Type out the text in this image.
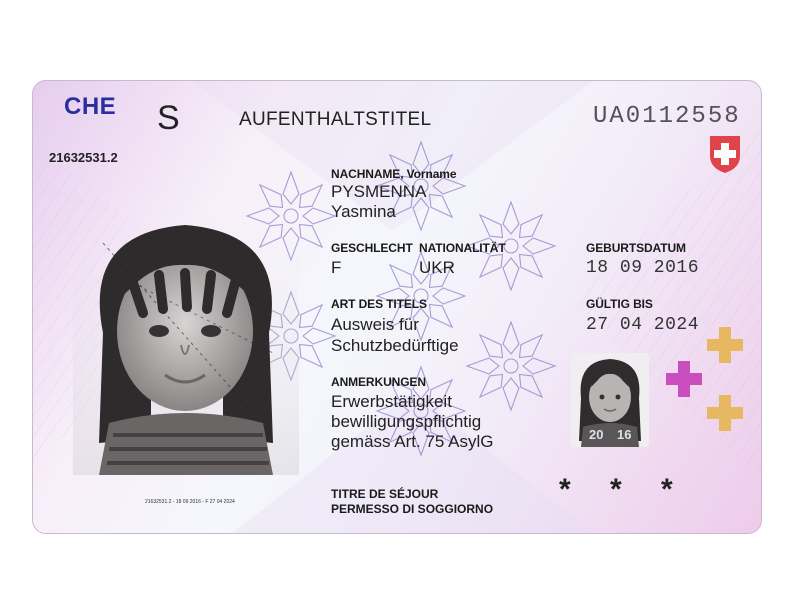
CHE S	AUFENTHALTSTITEL	UA0112558
21632531.2
21632531.2 - 18 09 2016 - F 27 04 2024
NACHNAME, Vorname
PYSMENNA
Yasmina
GESCHLECHT
F
NATIONALITÄT
UKR
GEBURTSDATUM
18 09 2016
ART DES TITELS
Ausweis für
Schutzbedürftige
GÜLTIG BIS
27 04 2024
ANMERKUNGEN
Erwerbstätigkeit
bewilligungspflichtig
gemäss Art. 75 AsylG	20 16
TITRE DE SÉJOUR
PERMESSO DI SOGGIORNO
* * *
